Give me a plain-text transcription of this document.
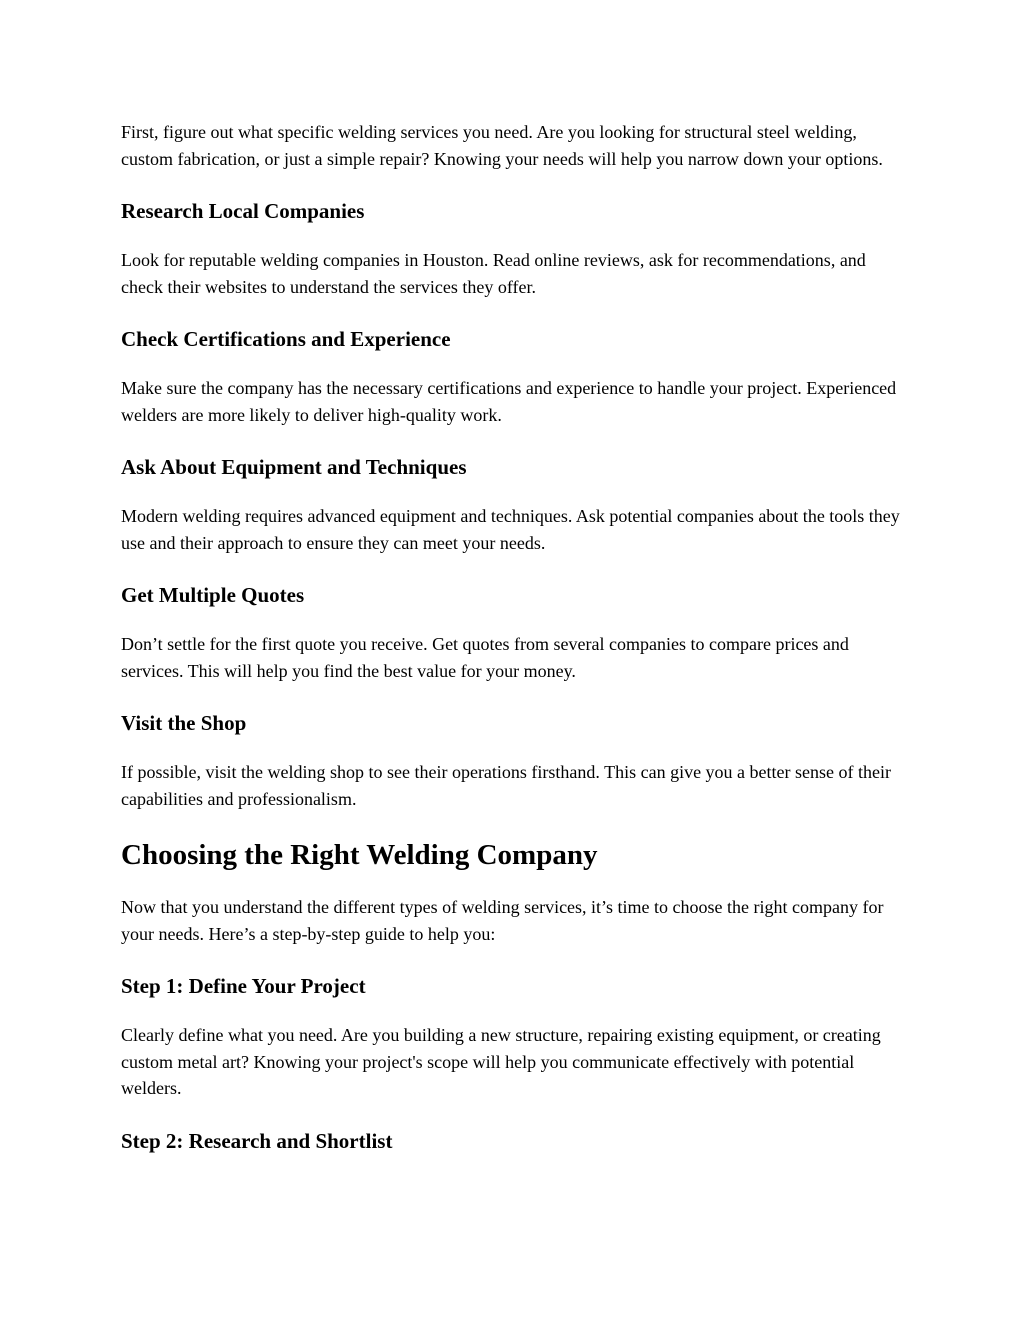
First, figure out what specific welding services you need. Are you looking for structural steel welding, custom fabrication, or just a simple repair? Knowing your needs will help you narrow down your options.

Research Local Companies

Look for reputable welding companies in Houston. Read online reviews, ask for recommendations, and check their websites to understand the services they offer.

Check Certifications and Experience

Make sure the company has the necessary certifications and experience to handle your project. Experienced welders are more likely to deliver high-quality work.

Ask About Equipment and Techniques

Modern welding requires advanced equipment and techniques. Ask potential companies about the tools they use and their approach to ensure they can meet your needs.

Get Multiple Quotes

Don’t settle for the first quote you receive. Get quotes from several companies to compare prices and services. This will help you find the best value for your money.

Visit the Shop

If possible, visit the welding shop to see their operations firsthand. This can give you a better sense of their capabilities and professionalism.

Choosing the Right Welding Company

Now that you understand the different types of welding services, it’s time to choose the right company for your needs. Here’s a step-by-step guide to help you:

Step 1: Define Your Project

Clearly define what you need. Are you building a new structure, repairing existing equipment, or creating custom metal art? Knowing your project's scope will help you communicate effectively with potential welders.

Step 2: Research and Shortlist
